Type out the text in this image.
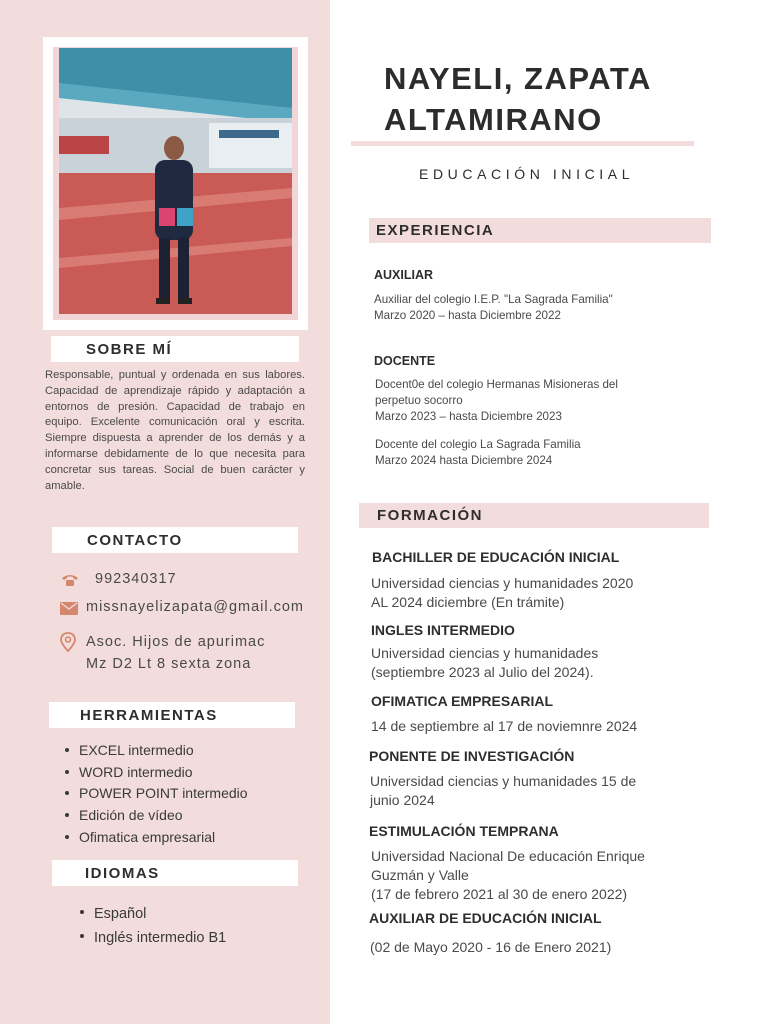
SOBRE MÍ

Responsable, puntual y ordenada en sus labores. Capacidad de aprendizaje rápido y adaptación a entornos de presión. Capacidad de trabajo en equipo. Excelente comunicación oral y escrita. Siempre dispuesta a aprender de los demás y a informarse debidamente de lo que necesita para concretar sus tareas. Social de buen carácter y amable.

CONTACTO
992340317
missnayelizapata@gmail.com
Asoc. Hijos de apurimac
Mz D2 Lt 8 sexta zona
HERRAMIENTAS
EXCEL intermedio
WORD intermedio
POWER POINT intermedio
Edición de vídeo
Ofimatica empresarial
IDIOMAS
Español
Inglés intermedio B1
NAYELI, ZAPATA
ALTAMIRANO
EDUCACIÓN INICIAL
EXPERIENCIA
AUXILIAR
Auxiliar del colegio I.E.P. "La Sagrada Familia"
Marzo 2020 – hasta Diciembre 2022
DOCENTE
Docent0e del colegio Hermanas Misioneras del
perpetuo socorro
Marzo 2023 – hasta Diciembre 2023
Docente del colegio La Sagrada Familia
Marzo 2024 hasta Diciembre 2024
FORMACIÓN
BACHILLER DE EDUCACIÓN INICIAL
Universidad ciencias y humanidades 2020
AL 2024 diciembre (En trámite)
INGLES INTERMEDIO
Universidad ciencias y humanidades
(septiembre 2023 al Julio del 2024).
OFIMATICA EMPRESARIAL
14 de septiembre al 17 de noviemnre 2024
PONENTE DE INVESTIGACIÓN
Universidad ciencias y humanidades 15 de
junio 2024
ESTIMULACIÓN TEMPRANA
Universidad Nacional De educación Enrique
Guzmán y Valle
(17 de febrero 2021 al 30 de enero 2022)
AUXILIAR DE EDUCACIÓN INICIAL
(02 de Mayo 2020 - 16 de Enero 2021)
